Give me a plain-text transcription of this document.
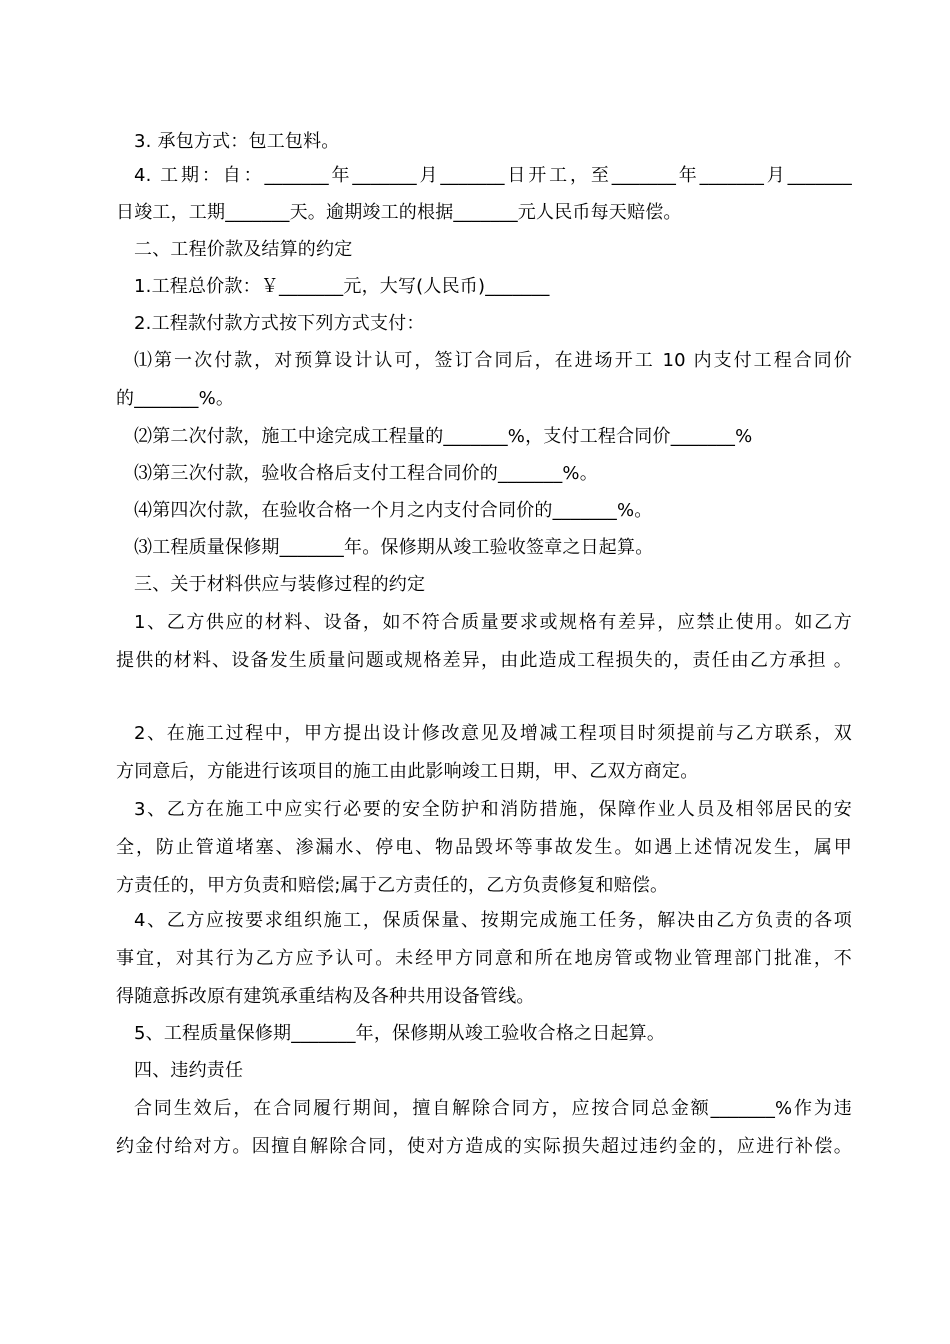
3. 承包方式：包工包料。
4. 工期：自：_______年_______月_______日开工，至_______年_______月_______
日竣工，工期_______天。逾期竣工的根据_______元人民币每天赔偿。
二、工程价款及结算的约定
1.工程总价款：￥_______元，大写(人民币)_______
2.工程款付款方式按下列方式支付：
⑴第一次付款，对预算设计认可，签订合同后，在进场开工 10 内支付工程合同价
的_______%。
⑵第二次付款，施工中途完成工程量的_______%，支付工程合同价_______%
⑶第三次付款，验收合格后支付工程合同价的_______%。
⑷第四次付款，在验收合格一个月之内支付合同价的_______%。
⑶工程质量保修期_______年。保修期从竣工验收签章之日起算。
三、关于材料供应与装修过程的约定
1、乙方供应的材料、设备，如不符合质量要求或规格有差异，应禁止使用。如乙方
提供的材料、设备发生质量问题或规格差异，由此造成工程损失的，责任由乙方承担 。
2、在施工过程中，甲方提出设计修改意见及增减工程项目时须提前与乙方联系，双
方同意后，方能进行该项目的施工由此影响竣工日期，甲、乙双方商定。
3、乙方在施工中应实行必要的安全防护和消防措施，保障作业人员及相邻居民的安
全，防止管道堵塞、渗漏水、停电、物品毁坏等事故发生。如遇上述情况发生，属甲
方责任的，甲方负责和赔偿;属于乙方责任的，乙方负责修复和赔偿。
4、乙方应按要求组织施工，保质保量、按期完成施工任务，解决由乙方负责的各项
事宜，对其行为乙方应予认可。未经甲方同意和所在地房管或物业管理部门批准，不
得随意拆改原有建筑承重结构及各种共用设备管线。
5、工程质量保修期_______年，保修期从竣工验收合格之日起算。
四、违约责任
合同生效后，在合同履行期间，擅自解除合同方，应按合同总金额_______%作为违
约金付给对方。因擅自解除合同，使对方造成的实际损失超过违约金的，应进行补偿。
